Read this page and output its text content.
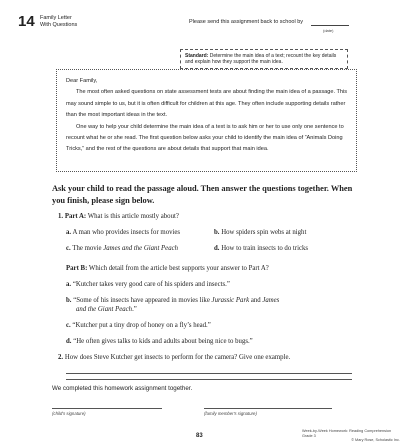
14 Family Letter
With Questions	Please send this assignment back to school by
(date)
Standard: Determine the main idea of a text; recount the key details and explain how they support the main idea.

Dear Family,

The most often asked questions on state assessment tests are about finding the main idea of a passage. This may sound simple to us, but it is often difficult for children at this age. They often include supporting details rather than the most important ideas in the text.

One way to help your child determine the main idea of a text is to ask him or her to use only one sentence to recount what he or she read. The first question below asks your child to identify the main idea of “Animals Doing Tricks,” and the rest of the questions are about details that support that main idea.

Ask your child to read the passage aloud. Then answer the questions together. When you finish, please sign below.
1. Part A: What is this article mostly about?
a. A man who provides insects for movies	b. How spiders spin webs at night
c. The movie James and the Giant Peach	d. How to train insects to do tricks
Part B: Which detail from the article best supports your answer to Part A?
a. “Kutcher takes very good care of his spiders and insects.”
b. “Some of his insects have appeared in movies like Jurassic Park and James
and the Giant Peach.”
c. “Kutcher put a tiny drop of honey on a fly’s head.”
d. “He often gives talks to kids and adults about being nice to bugs.”
2. How does Steve Kutcher get insects to perform for the camera? Give one example.
We completed this homework assignment together.
(child's signature)	(family member's signature)
83
Week-by-Week Homework: Reading Comprehension Grade 3
© Mary Rose, Scholastic Inc.
